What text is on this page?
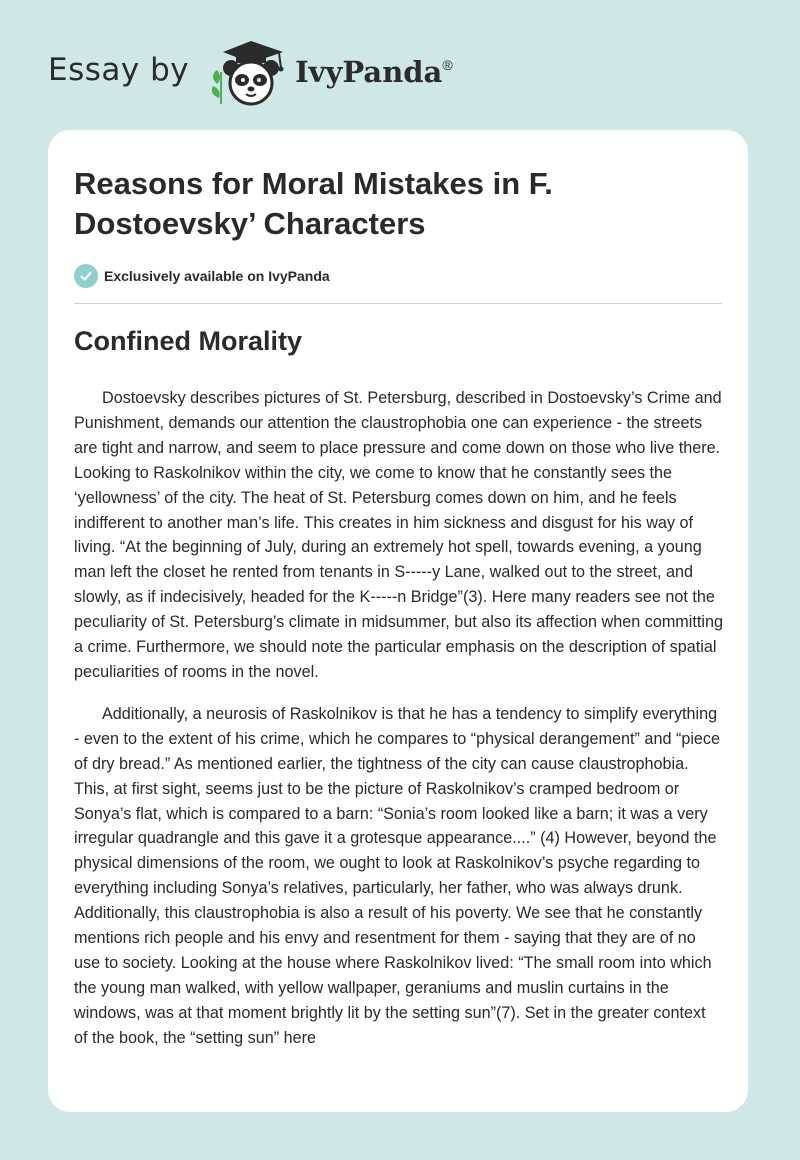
Essay by	IvyPanda®
Reasons for Moral Mistakes in F. Dostoevsky’ Characters
Exclusively available on IvyPanda
Confined Morality

Dostoevsky describes pictures of St. Petersburg, described in Dostoevsky’s Crime and Punishment, demands our attention the claustrophobia one can experience - the streets are tight and narrow, and seem to place pressure and come down on those who live there. Looking to Raskolnikov within the city, we come to know that he constantly sees the ‘yellowness’ of the city. The heat of St. Petersburg comes down on him, and he feels indifferent to another man’s life. This creates in him sickness and disgust for his way of living. “At the beginning of July, during an extremely hot spell, towards evening, a young man left the closet he rented from tenants in S-----y Lane, walked out to the street, and slowly, as if indecisively, headed for the K-----n Bridge”(3). Here many readers see not the peculiarity of St. Petersburg’s climate in midsummer, but also its affection when committing a crime. Furthermore, we should note the particular emphasis on the description of spatial peculiarities of rooms in the novel.

Additionally, a neurosis of Raskolnikov is that he has a tendency to simplify everything - even to the extent of his crime, which he compares to “physical derangement” and “piece of dry bread.” As mentioned earlier, the tightness of the city can cause claustrophobia. This, at first sight, seems just to be the picture of Raskolnikov’s cramped bedroom or Sonya’s flat, which is compared to a barn: “Sonia’s room looked like a barn; it was a very irregular quadrangle and this gave it a grotesque appearance....” (4) However, beyond the physical dimensions of the room, we ought to look at Raskolnikov’s psyche regarding to everything including Sonya’s relatives, particularly, her father, who was always drunk. Additionally, this claustrophobia is also a result of his poverty. We see that he constantly mentions rich people and his envy and resentment for them - saying that they are of no use to society. Looking at the house where Raskolnikov lived: “The small room into which the young man walked, with yellow wallpaper, geraniums and muslin curtains in the windows, was at that moment brightly lit by the setting sun”(7). Set in the greater context of the book, the “setting sun” here
